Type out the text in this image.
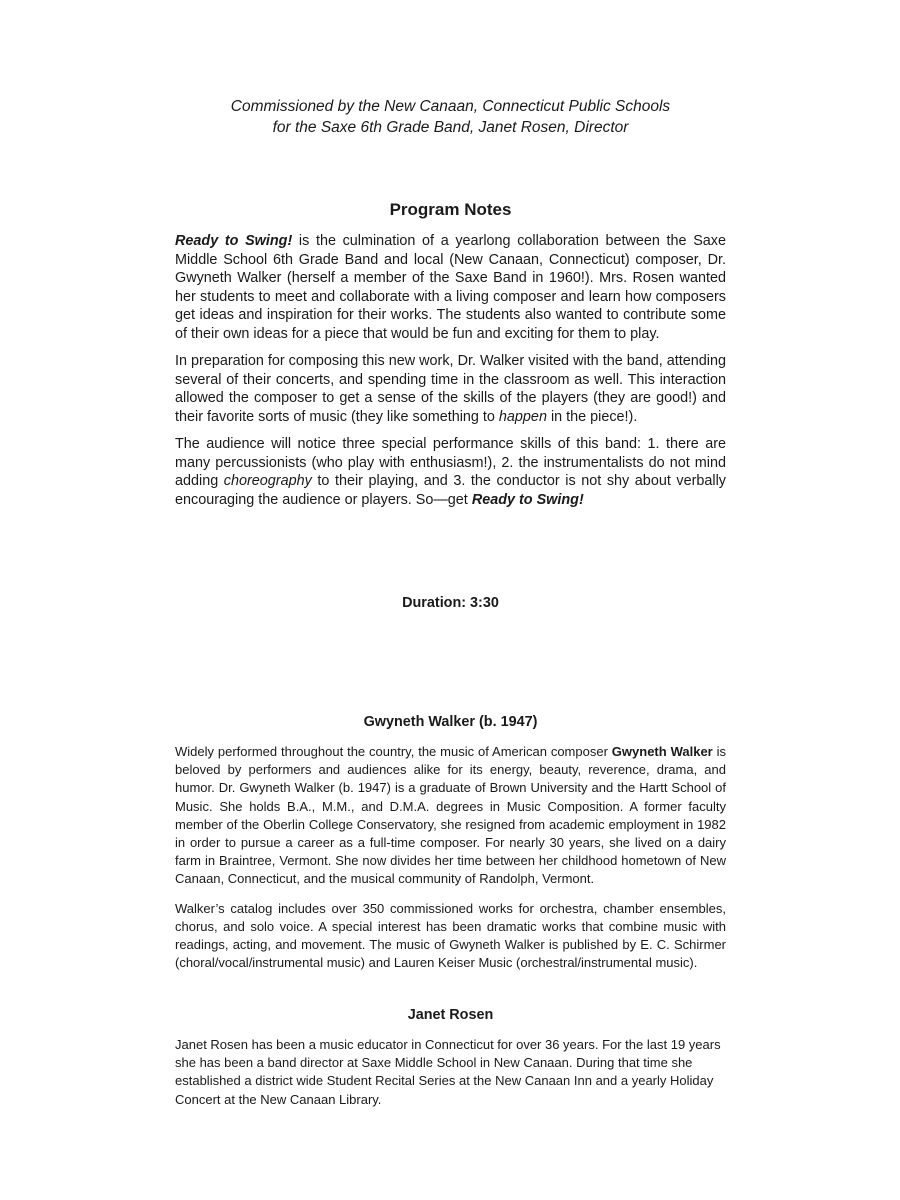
Commissioned by the New Canaan, Connecticut Public Schools
for the Saxe 6th Grade Band, Janet Rosen, Director
Program Notes

Ready to Swing! is the culmination of a yearlong collaboration between the Saxe Middle School 6th Grade Band and local (New Canaan, Connecticut) composer, Dr. Gwyneth Walker (herself a member of the Saxe Band in 1960!). Mrs. Rosen wanted her students to meet and collaborate with a living composer and learn how composers get ideas and inspiration for their works. The students also wanted to contribute some of their own ideas for a piece that would be fun and exciting for them to play.

In preparation for composing this new work, Dr. Walker visited with the band, attending several of their concerts, and spending time in the classroom as well. This interaction allowed the composer to get a sense of the skills of the players (they are good!) and their favorite sorts of music (they like something to happen in the piece!).

The audience will notice three special performance skills of this band: 1. there are many percussionists (who play with enthusiasm!), 2. the instrumentalists do not mind adding choreography to their playing, and 3. the conductor is not shy about verbally encouraging the audience or players. So—get Ready to Swing!

Duration: 3:30
Gwyneth Walker (b. 1947)

Widely performed throughout the country, the music of American composer Gwyneth Walker is beloved by performers and audiences alike for its energy, beauty, reverence, drama, and humor. Dr. Gwyneth Walker (b. 1947) is a graduate of Brown University and the Hartt School of Music. She holds B.A., M.M., and D.M.A. degrees in Music Composition. A former faculty member of the Oberlin College Conservatory, she resigned from academic employment in 1982 in order to pursue a career as a full-time composer. For nearly 30 years, she lived on a dairy farm in Braintree, Vermont. She now divides her time between her childhood hometown of New Canaan, Connecticut, and the musical community of Randolph, Vermont.

Walker’s catalog includes over 350 commissioned works for orchestra, chamber ensembles, chorus, and solo voice. A special interest has been dramatic works that combine music with readings, acting, and movement. The music of Gwyneth Walker is published by E. C. Schirmer (choral/vocal/instrumental music) and Lauren Keiser Music (orchestral/instrumental music).

Janet Rosen

Janet Rosen has been a music educator in Connecticut for over 36 years. For the last 19 years she has been a band director at Saxe Middle School in New Canaan. During that time she established a district wide Student Recital Series at the New Canaan Inn and a yearly Holiday Concert at the New Canaan Library.
